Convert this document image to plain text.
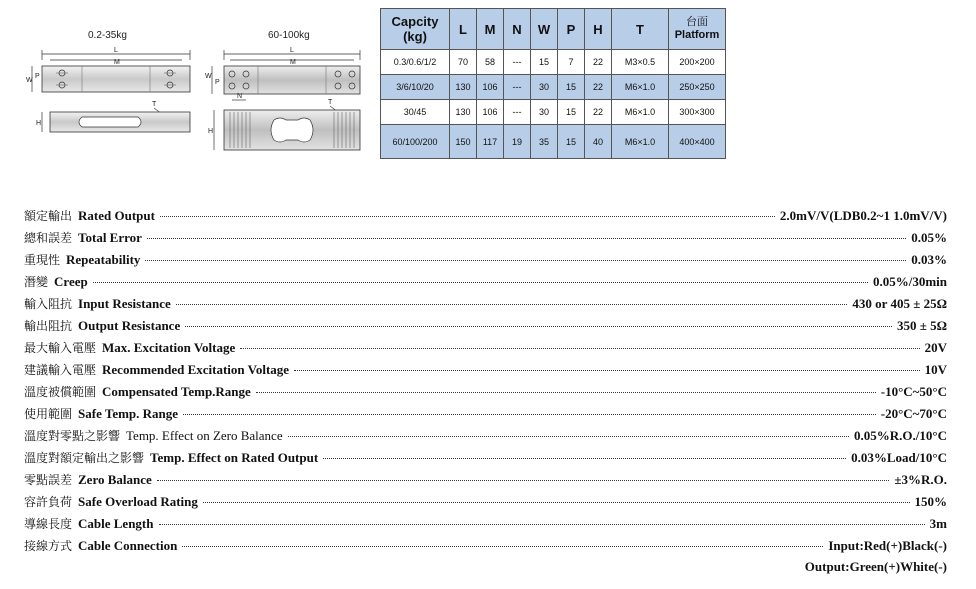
0.2-35kg
L
M
W
P
T
H
60-100kg
L
M
W
P
N
T
H
Capcity (kg)	L	M	N	W	P	H	T	台面
Platform
0.3/0.6/1/2	70	58	---	15	7	22	M3×0.5	200×200
3/6/10/20	130	106	---	30	15	22	M6×1.0	250×250
30/45	130	106	---	30	15	22	M6×1.0	300×300
60/100/200	150	117	19	35	15	40	M6×1.0	400×400
額定輸出 Rated Output	2.0mV/V(LDB0.2~1 1.0mV/V)
總和誤差 Total Error	0.05%
重現性 Repeatability	0.03%
潛變 Creep	0.05%/30min
輸入阻抗 Input Resistance	430 or 405 ± 25Ω
輸出阻抗 Output Resistance	350 ± 5Ω
最大輸入電壓 Max. Excitation Voltage	20V
建議輸入電壓 Recommended Excitation Voltage	10V
溫度被償範圍 Compensated Temp.Range	-10°C~50°C
使用範圍 Safe Temp. Range	-20°C~70°C
溫度對零點之影響 Temp. Effect on Zero Balance	0.05%R.O./10°C
溫度對額定輸出之影響 Temp. Effect on Rated Output	0.03%Load/10°C
零點誤差 Zero Balance	±3%R.O.
容許負荷 Safe Overload Rating	150%
導線長度 Cable Length	3m
接線方式 Cable Connection	Input:Red(+)Black(-)
Output:Green(+)White(-)
